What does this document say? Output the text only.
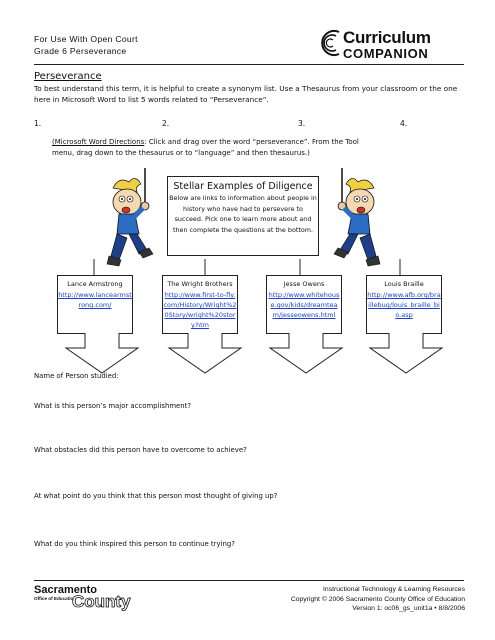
For Use With Open Court
Grade 6 Perseverance
Curriculum
COMPANION
Perseverance
To best understand this term, it is helpful to create a synonym list. Use a Thesaurus from your classroom or the one here in Microsoft Word to list 5 words related to “Perseverance”.
1.	2.	3.	4.
(Microsoft Word Directions: Click and drag over the word “perseverance”. From the Tool menu, drag down to the thesaurus or to “language” and then thesaurus.)
Stellar Examples of Diligence
Below are links to information about people in history who have had to persevere to succeed. Pick one to learn more about and then complete the questions at the bottom.
Lance Armstrong
http://www.lancearmstrong.com/
The Wright Brothers
http://www.first-to-fly.com/History/Wright%20Story/wright%20story.htm
Jesse Owens
http://www.whitehouse.gov/kids/dreamteam/jesseowens.html
Louis Braille
http://www.afb.org/braillebug/louis_braille_bio.asp
Name of Person studied:
What is this person’s major accomplishment?
What obstacles did this person have to overcome to achieve?
At what point do you think that this person most thought of giving up?
What do you think inspired this person to continue trying?
Sacramento
Office of Education
County
Instructional Technology & Learning Resources
Copyright © 2006 Sacramento County Office of Education
Version 1: oc06_gs_unit1a • 8/8/2006
